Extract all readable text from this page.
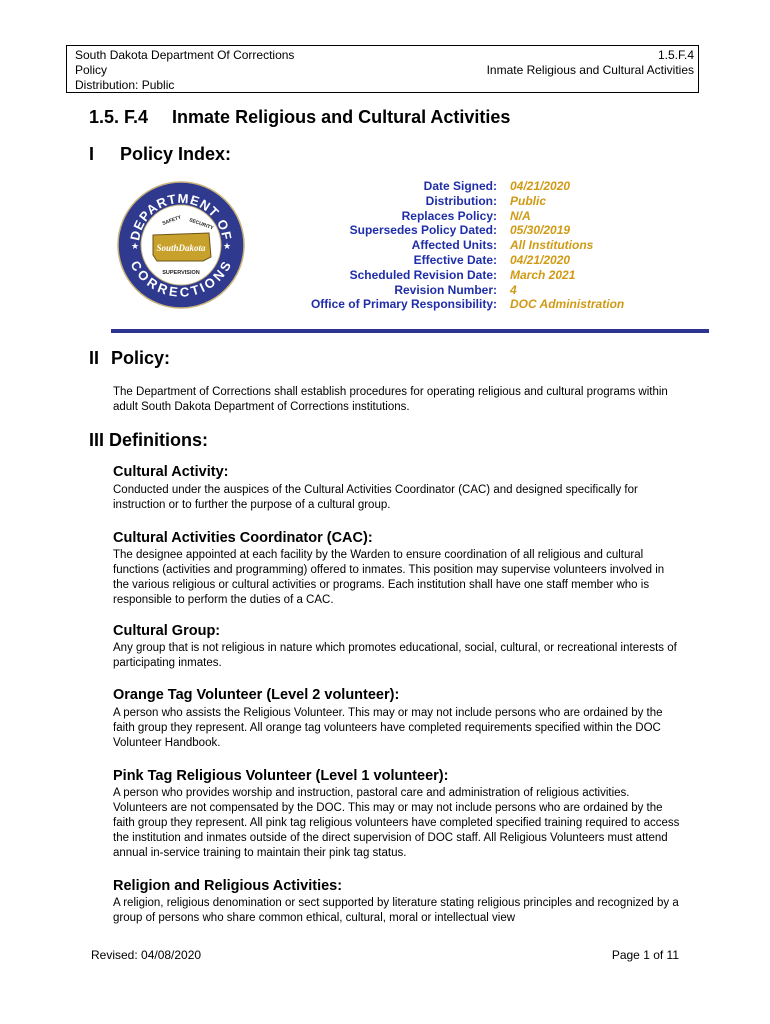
South Dakota Department Of Corrections
Policy
Distribution: Public
1.5.F.4
Inmate Religious and Cultural Activities
1.5. F.4 Inmate Religious and Cultural Activities
I Policy Index:
DEPARTMENT OF
CORRECTIONS
★	★
SAFETY SECURITY
SouthDakota
SUPERVISION
Date Signed:
Distribution:
Replaces Policy:
Supersedes Policy Dated:
Affected Units:
Effective Date:
Scheduled Revision Date:
Revision Number:
Office of Primary Responsibility:
04/21/2020
Public
N/A
05/30/2019
All Institutions
04/21/2020
March 2021
4
DOC Administration
II Policy:

The Department of Corrections shall establish procedures for operating religious and cultural programs within adult South Dakota Department of Corrections institutions.

III Definitions:
Cultural Activity:

Conducted under the auspices of the Cultural Activities Coordinator (CAC) and designed specifically for instruction or to further the purpose of a cultural group.

Cultural Activities Coordinator (CAC):

The designee appointed at each facility by the Warden to ensure coordination of all religious and cultural functions (activities and programming) offered to inmates. This position may supervise volunteers involved in the various religious or cultural activities or programs. Each institution shall have one staff member who is responsible to perform the duties of a CAC.

Cultural Group:

Any group that is not religious in nature which promotes educational, social, cultural, or recreational interests of participating inmates.

Orange Tag Volunteer (Level 2 volunteer):

A person who assists the Religious Volunteer. This may or may not include persons who are ordained by the faith group they represent. All orange tag volunteers have completed requirements specified within the DOC Volunteer Handbook.

Pink Tag Religious Volunteer (Level 1 volunteer):

A person who provides worship and instruction, pastoral care and administration of religious activities. Volunteers are not compensated by the DOC. This may or may not include persons who are ordained by the faith group they represent. All pink tag religious volunteers have completed specified training required to access the institution and inmates outside of the direct supervision of DOC staff. All Religious Volunteers must attend annual in-service training to maintain their pink tag status.

Religion and Religious Activities:

A religion, religious denomination or sect supported by literature stating religious principles and recognized by a group of persons who share common ethical, cultural, moral or intellectual view

Revised: 04/08/2020	Page 1 of 11
